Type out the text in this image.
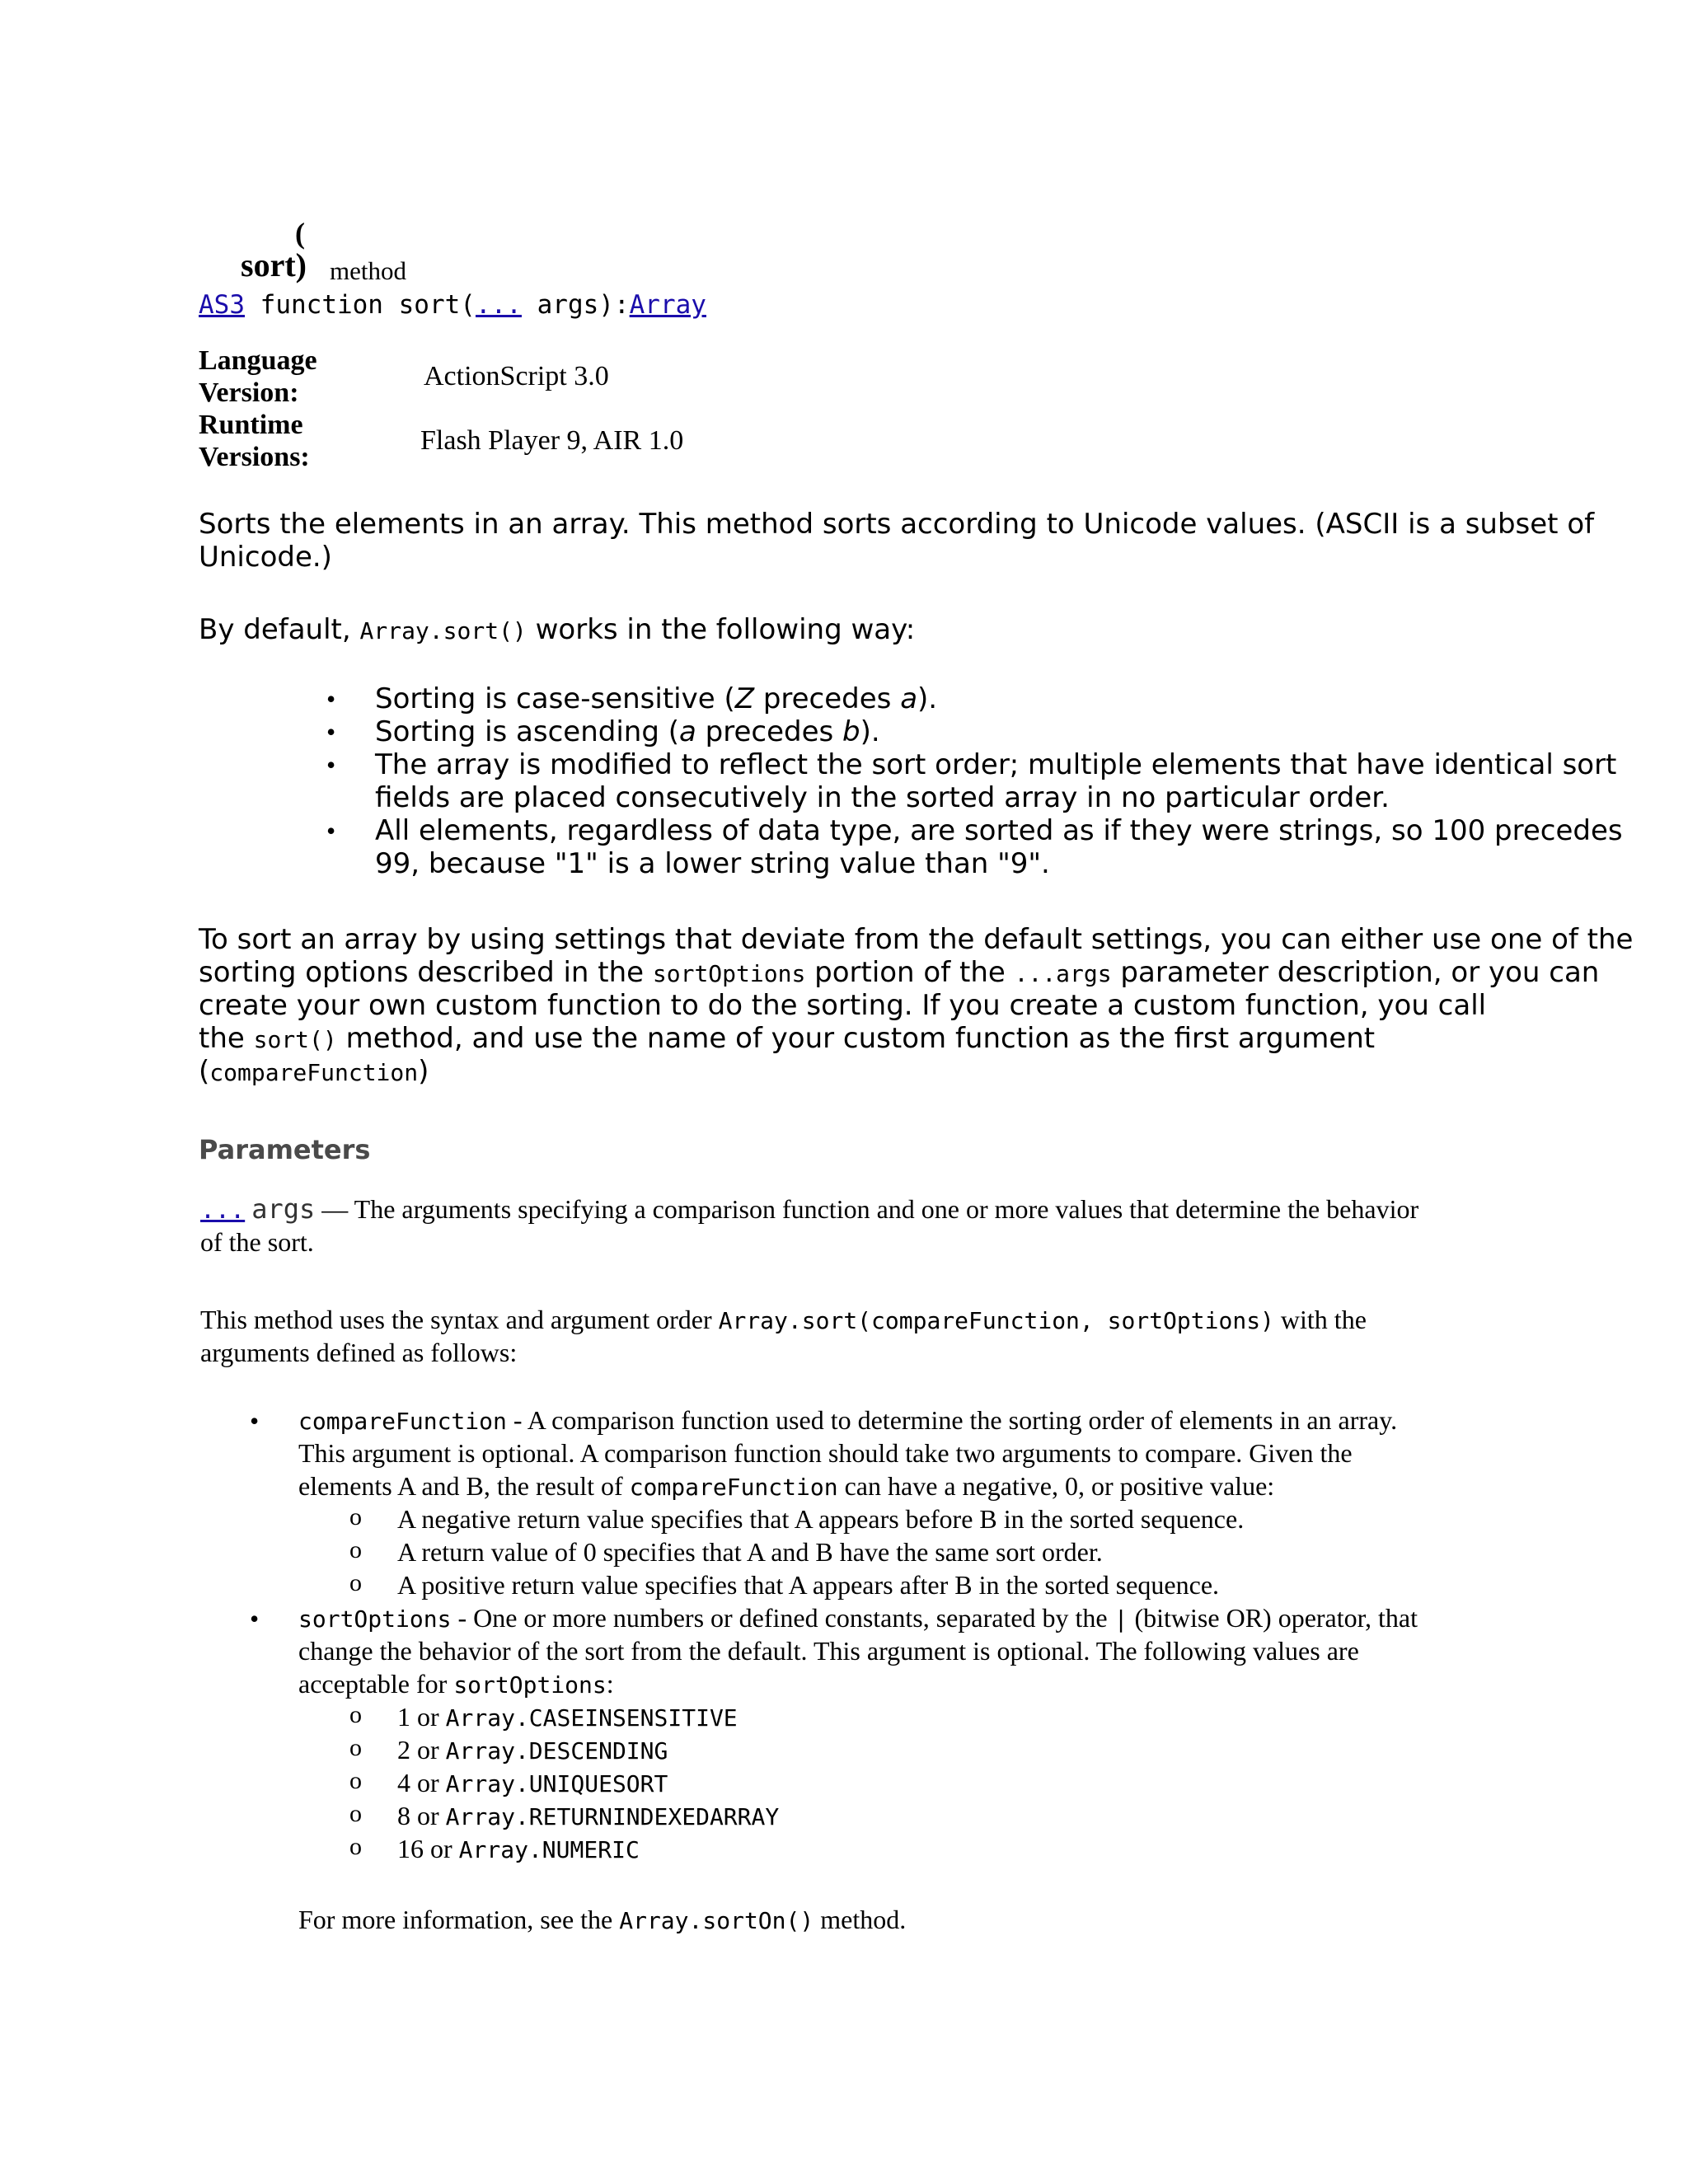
(
sort) method
AS3 function sort(... args):Array
Language Version:
ActionScript 3.0
Runtime Versions:
Flash Player 9, AIR 1.0
Sorts the elements in an array. This method sorts according to Unicode values. (ASCII is a subset of
Unicode.)
By default, Array.sort() works in the following way:
• Sorting is case-sensitive (Z precedes a).
• Sorting is ascending (a precedes b).
• The array is modified to reflect the sort order; multiple elements that have identical sort
fields are placed consecutively in the sorted array in no particular order.
• All elements, regardless of data type, are sorted as if they were strings, so 100 precedes
99, because "1" is a lower string value than "9".
To sort an array by using settings that deviate from the default settings, you can either use one of the
sorting options described in the sortOptions portion of the ...args parameter description, or you can
create your own custom function to do the sorting. If you create a custom function, you call
the sort() method, and use the name of your custom function as the first argument
(compareFunction)
Parameters
... args — The arguments specifying a comparison function and one or more values that determine the behavior
of the sort.
This method uses the syntax and argument order Array.sort(compareFunction, sortOptions) with the
arguments defined as follows:
• compareFunction - A comparison function used to determine the sorting order of elements in an array.
This argument is optional. A comparison function should take two arguments to compare. Given the
elements A and B, the result of compareFunction can have a negative, 0, or positive value:
o A negative return value specifies that A appears before B in the sorted sequence.
o A return value of 0 specifies that A and B have the same sort order.
o A positive return value specifies that A appears after B in the sorted sequence.
• sortOptions - One or more numbers or defined constants, separated by the | (bitwise OR) operator, that
change the behavior of the sort from the default. This argument is optional. The following values are
acceptable for sortOptions:
o 1 or Array.CASEINSENSITIVE
o 2 or Array.DESCENDING
o 4 or Array.UNIQUESORT
o 8 or Array.RETURNINDEXEDARRAY
o 16 or Array.NUMERIC
For more information, see the Array.sortOn() method.
